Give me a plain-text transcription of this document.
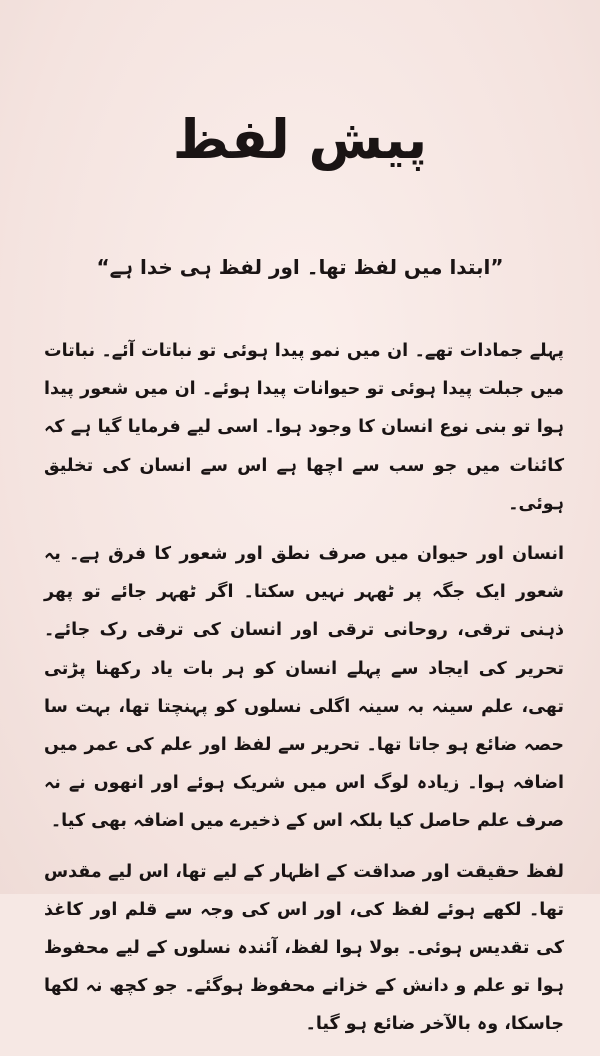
پیش لفظ
”ابتدا میں لفظ تھا۔ اور لفظ ہی خدا ہے“

پہلے جمادات تھے۔ ان میں نمو پیدا ہوئی تو نباتات آئے۔ نباتات میں جبلت پیدا ہوئی تو حیوانات پیدا ہوئے۔ ان میں شعور پیدا ہوا تو بنی نوع انسان کا وجود ہوا۔ اسی لیے فرمایا گیا ہے کہ کائنات میں جو سب سے اچھا ہے اس سے انسان کی تخلیق ہوئی۔

انسان اور حیوان میں صرف نطق اور شعور کا فرق ہے۔ یہ شعور ایک جگہ پر ٹھہر نہیں سکتا۔ اگر ٹھہر جائے تو پھر ذہنی ترقی، روحانی ترقی اور انسان کی ترقی رک جائے۔ تحریر کی ایجاد سے پہلے انسان کو ہر بات یاد رکھنا پڑتی تھی، علم سینہ بہ سینہ اگلی نسلوں کو پہنچتا تھا، بہت سا حصہ ضائع ہو جاتا تھا۔ تحریر سے لفظ اور علم کی عمر میں اضافہ ہوا۔ زیادہ لوگ اس میں شریک ہوئے اور انھوں نے نہ صرف علم حاصل کیا بلکہ اس کے ذخیرے میں اضافہ بھی کیا۔

لفظ حقیقت اور صداقت کے اظہار کے لیے تھا، اس لیے مقدس تھا۔ لکھے ہوئے لفظ کی، اور اس کی وجہ سے قلم اور کاغذ کی تقدیس ہوئی۔ بولا ہوا لفظ، آئندہ نسلوں کے لیے محفوظ ہوا تو علم و دانش کے خزانے محفوظ ہوگئے۔ جو کچھ نہ لکھا جاسکا، وہ بالآخر ضائع ہو گیا۔
